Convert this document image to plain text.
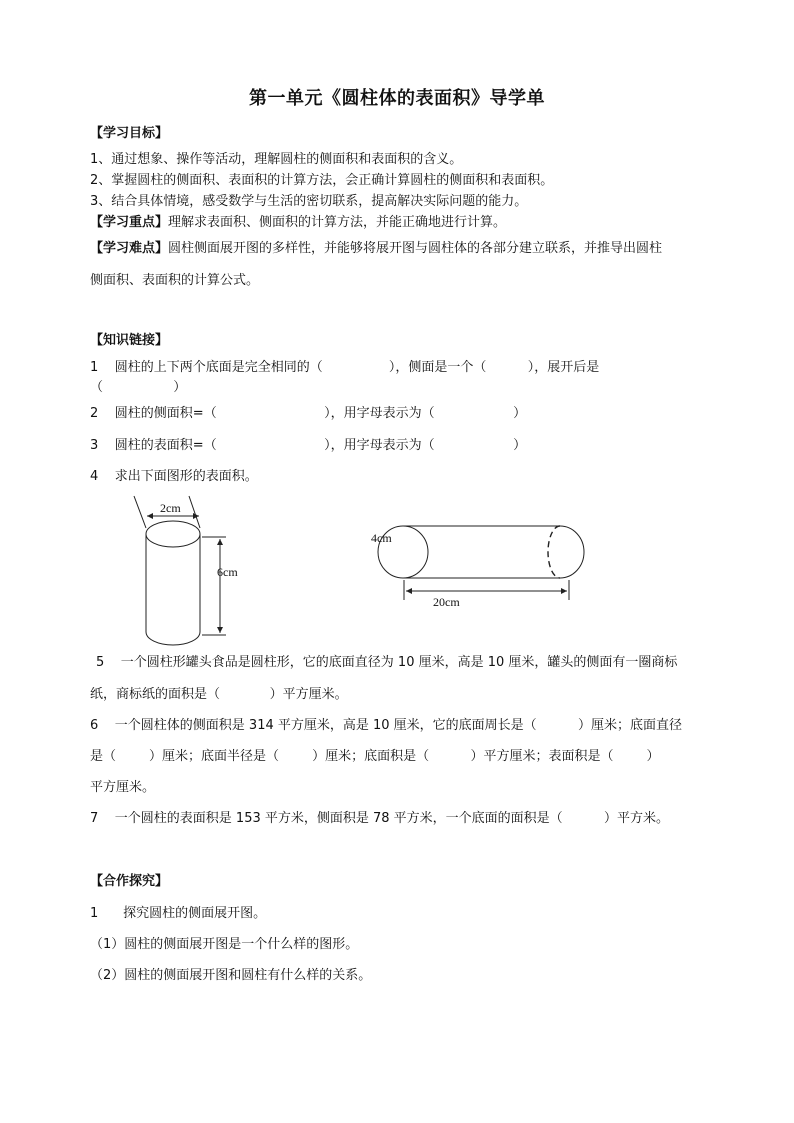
第一单元《圆柱体的表面积》导学单
【学习目标】
1、通过想象、操作等活动，理解圆柱的侧面积和表面积的含义。
2、掌握圆柱的侧面积、表面积的计算方法，会正确计算圆柱的侧面积和表面积。
3、结合具体情境，感受数学与生活的密切联系，提高解决实际问题的能力。
【学习重点】理解求表面积、侧面积的计算方法，并能正确地进行计算。
【学习难点】圆柱侧面展开图的多样性，并能够将展开图与圆柱体的各部分建立联系，并推导出圆柱
侧面积、表面积的计算公式。
【知识链接】
1    圆柱的上下两个底面是完全相同的（                ），侧面是一个（          ），展开后是
（                 ）
2    圆柱的侧面积=（                          ），用字母表示为（                   ）
3    圆柱的表面积=（                          ），用字母表示为（                   ）
4    求出下面图形的表面积。
2cm
6cm
4cm
20cm
5    一个圆柱形罐头食品是圆柱形，它的底面直径为 10 厘米，高是 10 厘米，罐头的侧面有一圈商标
纸，商标纸的面积是（            ）平方厘米。
6    一个圆柱体的侧面积是 314 平方厘米，高是 10 厘米，它的底面周长是（          ）厘米；底面直径
是（        ）厘米；底面半径是（        ）厘米；底面积是（          ）平方厘米；表面积是（        ）
平方厘米。
7    一个圆柱的表面积是 153 平方米，侧面积是 78 平方米，一个底面的面积是（          ）平方米。
【合作探究】
1      探究圆柱的侧面展开图。
（1）圆柱的侧面展开图是一个什么样的图形。
（2）圆柱的侧面展开图和圆柱有什么样的关系。
